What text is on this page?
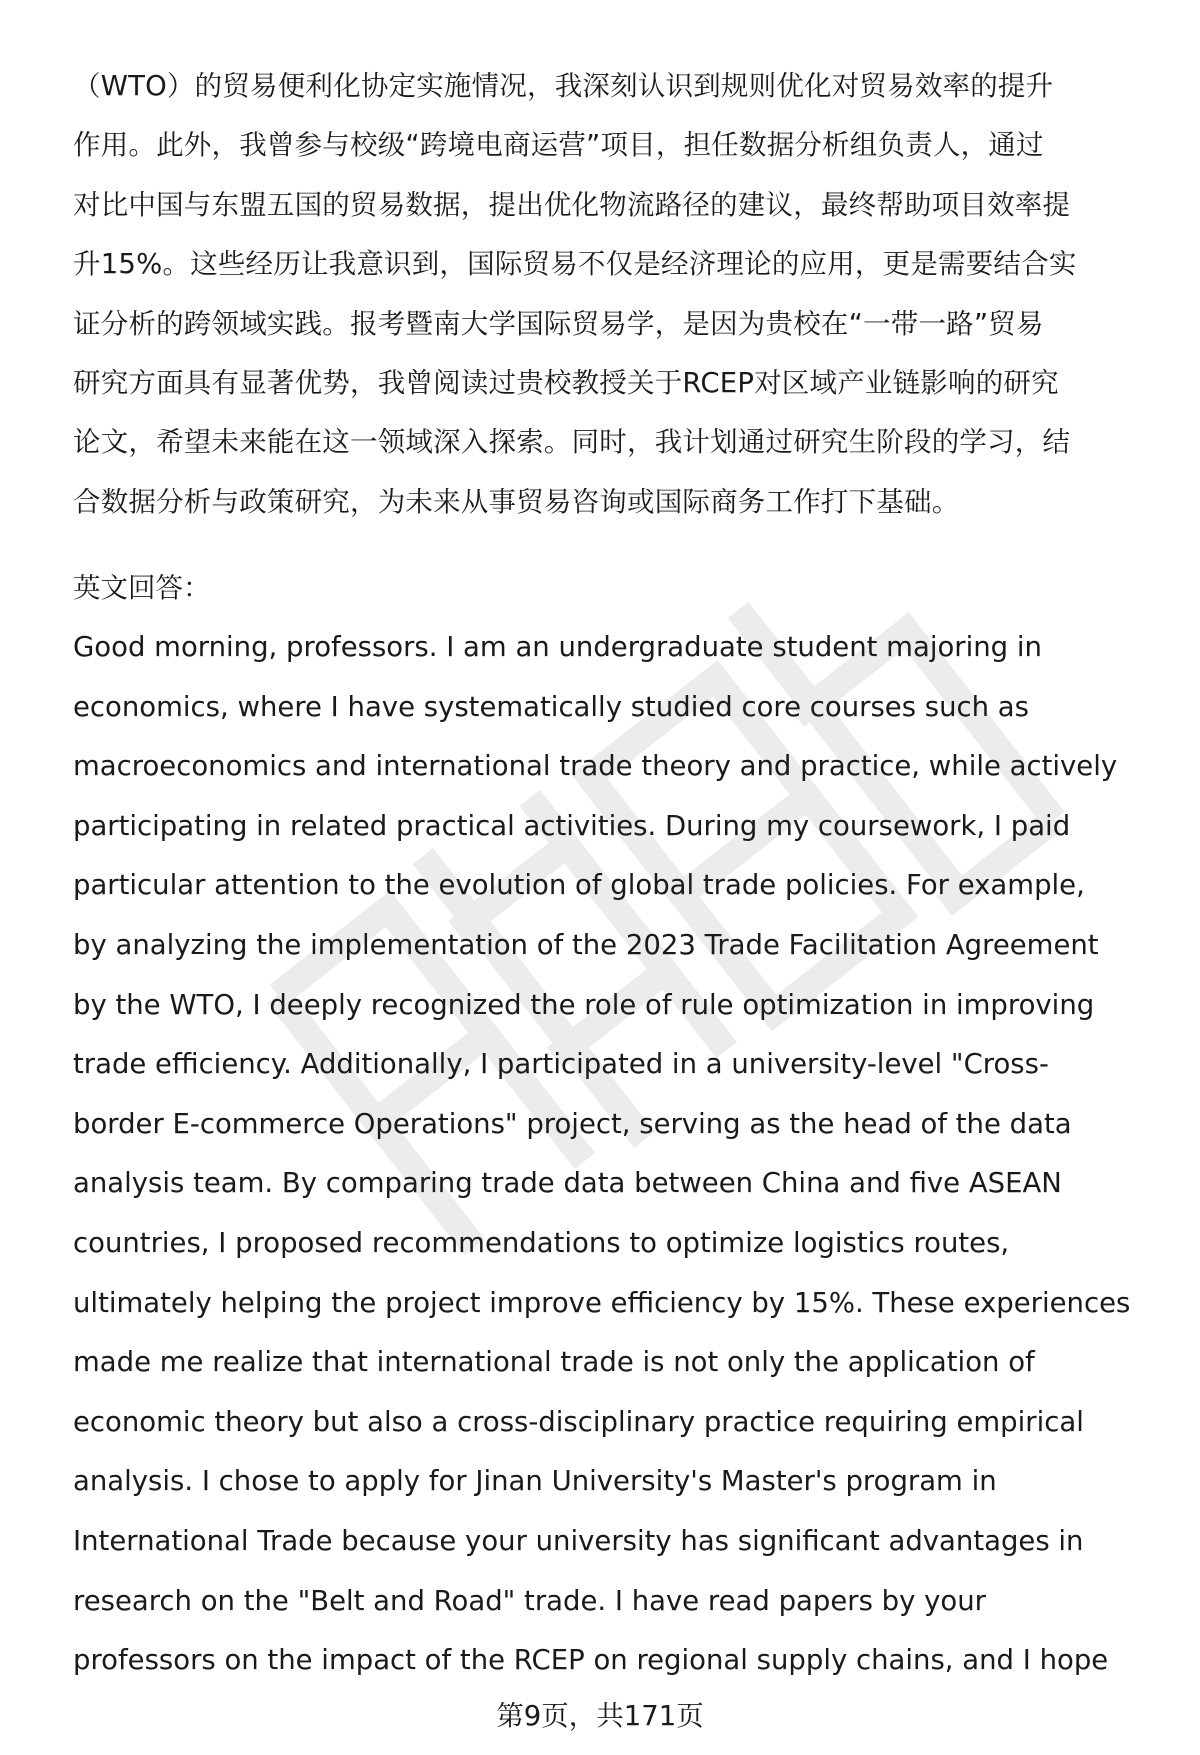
（WTO）的贸易便利化协定实施情况，我深刻认识到规则优化对贸易效率的提升
作用。此外，我曾参与校级“跨境电商运营”项目，担任数据分析组负责人，通过
对比中国与东盟五国的贸易数据，提出优化物流路径的建议，最终帮助项目效率提
升15%。这些经历让我意识到，国际贸易不仅是经济理论的应用，更是需要结合实
证分析的跨领域实践。报考暨南大学国际贸易学，是因为贵校在“一带一路”贸易
研究方面具有显著优势，我曾阅读过贵校教授关于RCEP对区域产业链影响的研究
论文，希望未来能在这一领域深入探索。同时，我计划通过研究生阶段的学习，结
合数据分析与政策研究，为未来从事贸易咨询或国际商务工作打下基础。
英文回答：
Good morning, professors. I am an undergraduate student majoring in
economics, where I have systematically studied core courses such as
macroeconomics and international trade theory and practice, while actively
participating in related practical activities. During my coursework, I paid
particular attention to the evolution of global trade policies. For example,
by analyzing the implementation of the 2023 Trade Facilitation Agreement
by the WTO, I deeply recognized the role of rule optimization in improving
trade efficiency. Additionally, I participated in a university-level "Cross-
border E-commerce Operations" project, serving as the head of the data
analysis team. By comparing trade data between China and five ASEAN
countries, I proposed recommendations to optimize logistics routes,
ultimately helping the project improve efficiency by 15%. These experiences
made me realize that international trade is not only the application of
economic theory but also a cross-disciplinary practice requiring empirical
analysis. I chose to apply for Jinan University's Master's program in
International Trade because your university has significant advantages in
research on the "Belt and Road" trade. I have read papers by your
professors on the impact of the RCEP on regional supply chains, and I hope
第9页，共171页
